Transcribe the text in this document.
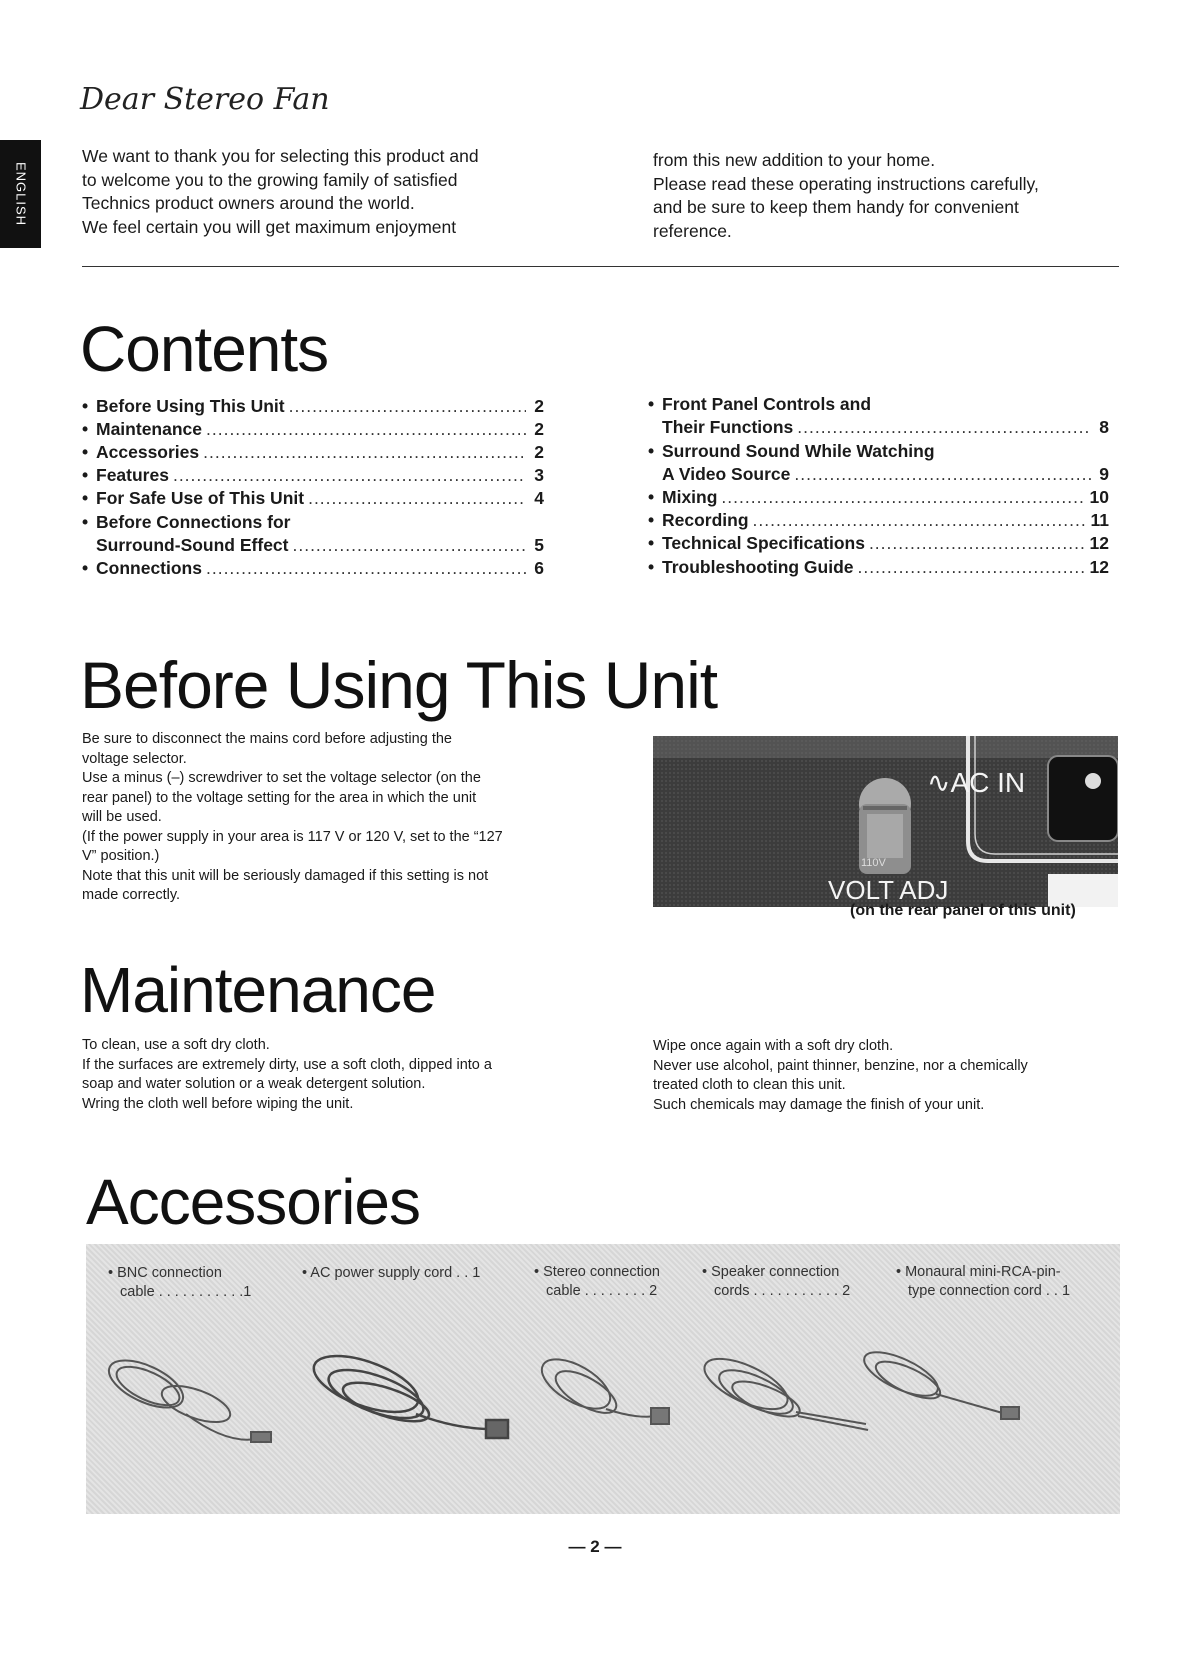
ENGLISH
Dear Stereo Fan

We want to thank you for selecting this product and

to welcome you to the growing family of satisfied

Technics product owners around the world.

We feel certain you will get maximum enjoyment

from this new addition to your home.

Please read these operating instructions carefully,

and be sure to keep them handy for convenient

reference.

Contents
• Before Using This Unit .....	2
• Maintenance .....	2
• Accessories .....	2
• Features .....	3
• For Safe Use of This Unit .....	4
• Before Connections for
Surround-Sound Effect .....	5
• Connections .....	6
• Front Panel Controls and
Their Functions .....	8
• Surround Sound While Watching
A Video Source .....	9
• Mixing .....	10
• Recording .....	11
• Technical Specifications .....	12
• Troubleshooting Guide .....	12
Before Using This Unit

Be sure to disconnect the mains cord before adjusting the

voltage selector.

Use a minus (–) screwdriver to set the voltage selector (on the

rear panel) to the voltage setting for the area in which the unit

will be used.

(If the power supply in your area is 117 V or 120 V, set to the “127

V” position.)

Note that this unit will be seriously damaged if this setting is not

made correctly.

∿AC IN
110V
VOLT ADJ
(on the rear panel of this unit)
Maintenance

To clean, use a soft dry cloth.

If the surfaces are extremely dirty, use a soft cloth, dipped into a

soap and water solution or a weak detergent solution.

Wring the cloth well before wiping the unit.

Wipe once again with a soft dry cloth.

Never use alcohol, paint thinner, benzine, nor a chemically

treated cloth to clean this unit.

Such chemicals may damage the finish of your unit.

Accessories
• BNC connection
cable . . . . . . . . . . .1
• AC power supply cord . . 1	• Stereo connection
cable . . . . . . . . 2
• Speaker connection
cords . . . . . . . . . . . 2
• Monaural mini-RCA-pin-
type connection cord . . 1
— 2 —
